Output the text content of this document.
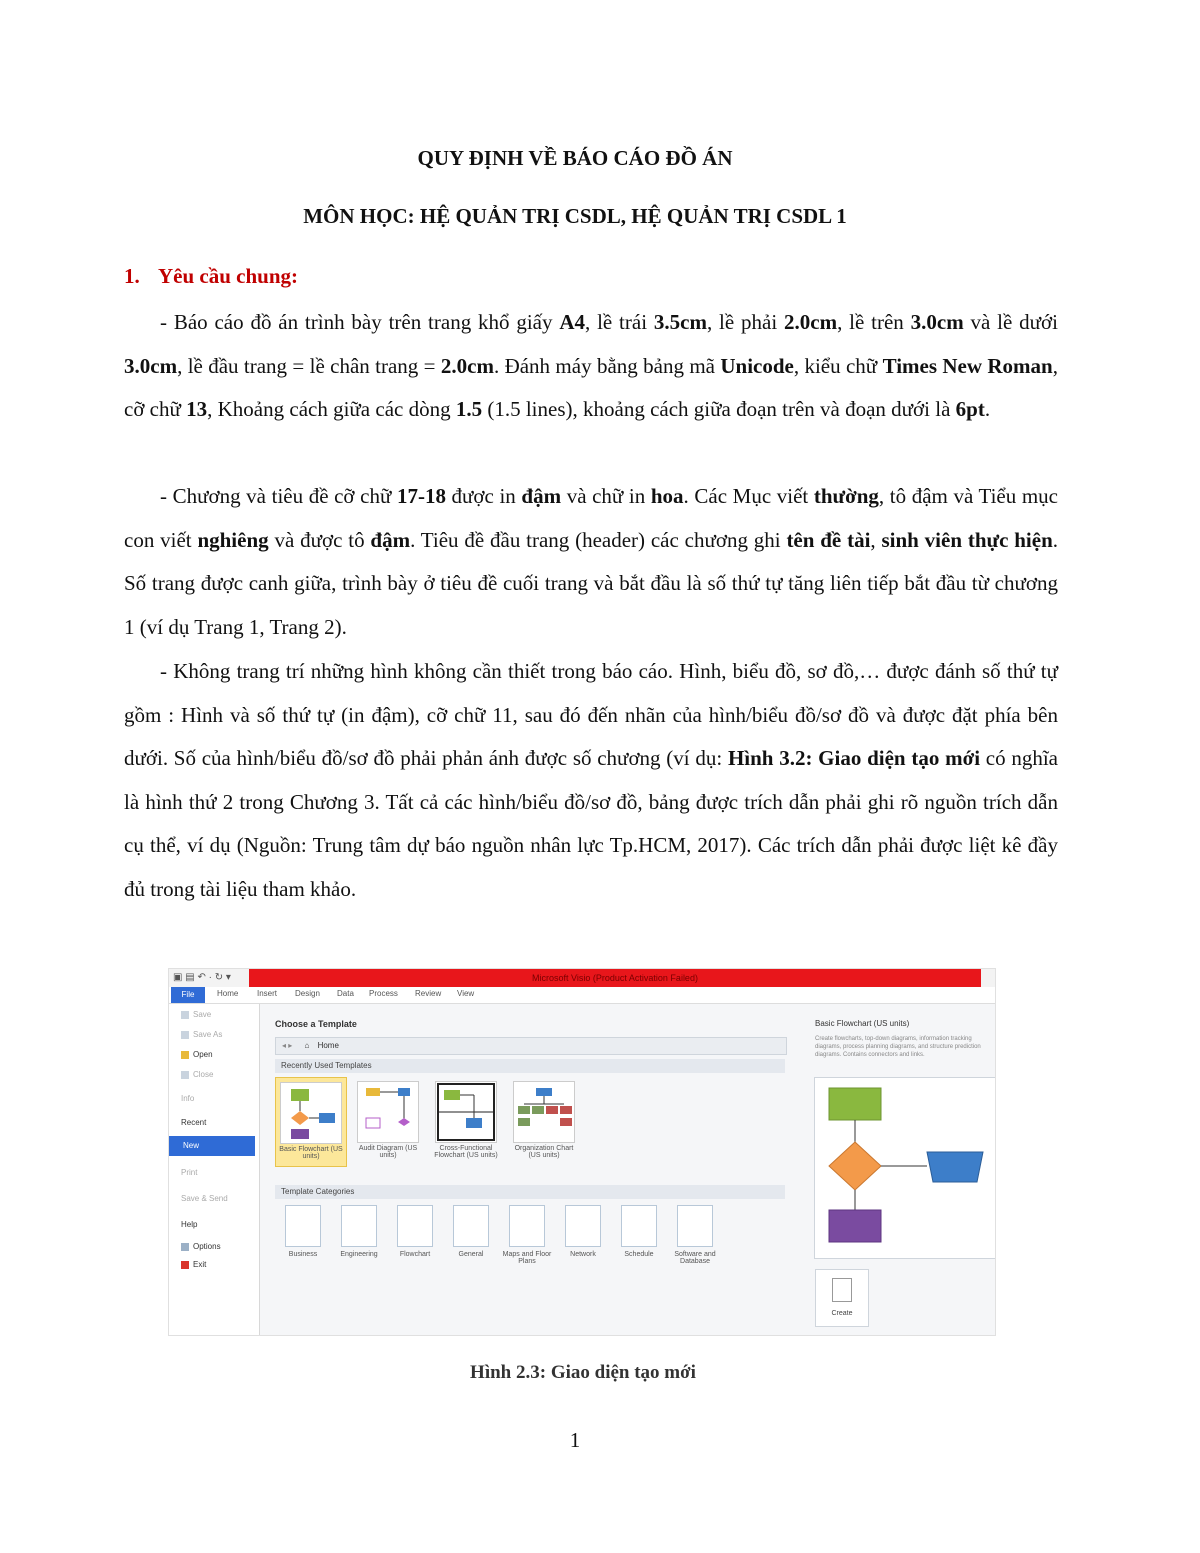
QUY ĐỊNH VỀ BÁO CÁO ĐỒ ÁN
MÔN HỌC: HỆ QUẢN TRỊ CSDL, HỆ QUẢN TRỊ CSDL 1
1. Yêu cầu chung:
- Báo cáo đồ án trình bày trên trang khổ giấy A4, lề trái 3.5cm, lề phải 2.0cm, lề trên 3.0cm và lề dưới 3.0cm, lề đầu trang = lề chân trang = 2.0cm. Đánh máy bằng bảng mã Unicode, kiểu chữ Times New Roman, cỡ chữ 13, Khoảng cách giữa các dòng 1.5 (1.5 lines), khoảng cách giữa đoạn trên và đoạn dưới là 6pt.
- Chương và tiêu đề cỡ chữ 17-18 được in đậm và chữ in hoa. Các Mục viết thường, tô đậm và Tiểu mục con viết nghiêng và được tô đậm. Tiêu đề đầu trang (header) các chương ghi tên đề tài, sinh viên thực hiện. Số trang được canh giữa, trình bày ở tiêu đề cuối trang và bắt đầu là số thứ tự tăng liên tiếp bắt đầu từ chương 1 (ví dụ Trang 1, Trang 2).
- Không trang trí những hình không cần thiết trong báo cáo. Hình, biểu đồ, sơ đồ,… được đánh số thứ tự gồm : Hình và số thứ tự (in đậm), cỡ chữ 11, sau đó đến nhãn của hình/biểu đồ/sơ đồ và được đặt phía bên dưới. Số của hình/biểu đồ/sơ đồ phải phản ánh được số chương (ví dụ: Hình 3.2: Giao diện tạo mới có nghĩa là hình thứ 2 trong Chương 3. Tất cả các hình/biểu đồ/sơ đồ, bảng được trích dẫn phải ghi rõ nguồn trích dẫn cụ thể, ví dụ (Nguồn: Trung tâm dự báo nguồn nhân lực Tp.HCM, 2017). Các trích dẫn phải được liệt kê đầy đủ trong tài liệu tham khảo.
▣ ▤ ↶ · ↻ ▾	Microsoft Visio (Product Activation Failed)
File	Home Insert Design Data Process Review View
Save
Save As
Open
Close
Info
Recent
New
Print
Save & Send
Help
Options
Exit
Choose a Template
◂ ▸ ⌂ Home
Recently Used Templates
Basic Flowchart (US units)
Audit Diagram (US units)
Cross-Functional Flowchart (US units)
Organization Chart (US units)
Template Categories
Business	Engineering	Flowchart	General	Maps and Floor Plans
Network	Schedule	Software and Database
Basic Flowchart (US units)
Create flowcharts, top-down diagrams, information tracking diagrams, process planning diagrams, and structure prediction diagrams. Contains connectors and links.
Create
Hình 2.3: Giao diện tạo mới
1
